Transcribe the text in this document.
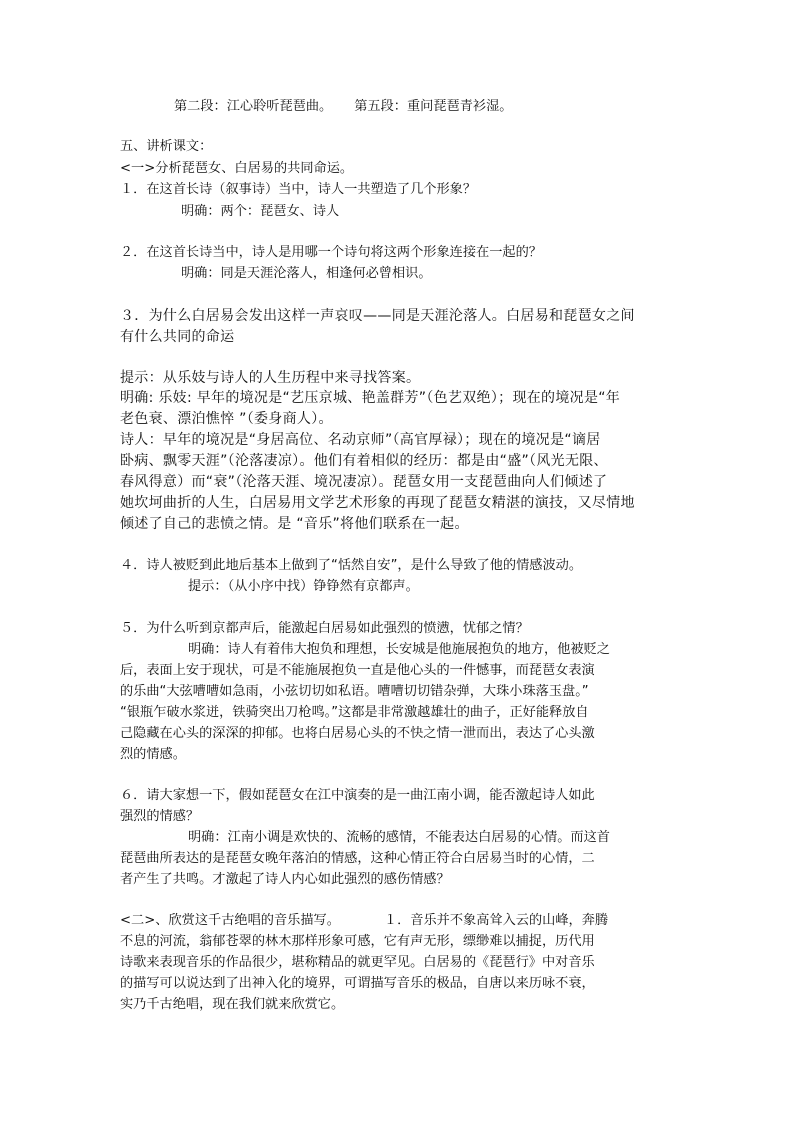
第二段：江心聆听琵琶曲。 第五段：重问琵琶青衫湿。
五、讲析课文：
<一>分析琵琶女、白居易的共同命运。
１．在这首长诗（叙事诗）当中，诗人一共塑造了几个形象？
明确：两个：琵琶女、诗人
２．在这首长诗当中，诗人是用哪一个诗句将这两个形象连接在一起的？
明确：同是天涯沦落人，相逢何必曾相识。
３．为什么白居易会发出这样一声哀叹——同是天涯沦落人。白居易和琵琶女之间
有什么共同的命运
提示：从乐妓与诗人的人生历程中来寻找答案。
明确: 乐妓: 早年的境况是“艺压京城、艳盖群芳”（色艺双绝）；现在的境况是“年
老色衰、漂泊憔悴 ”（委身商人）。
诗人：早年的境况是“身居高位、名动京师”（高官厚禄）；现在的境况是“谪居
卧病、飘零天涯”（沦落凄凉）。他们有着相似的经历：都是由“盛”（风光无限、
春风得意）而“衰”（沦落天涯、境况凄凉）。琵琶女用一支琵琶曲向人们倾述了
她坎坷曲折的人生，白居易用文学艺术形象的再现了琵琶女精湛的演技，又尽情地
倾述了自己的悲愤之情。是 “音乐”将他们联系在一起。
４．诗人被贬到此地后基本上做到了“恬然自安”，是什么导致了他的情感波动。
提示：（从小序中找）铮铮然有京都声。
５．为什么听到京都声后，能激起白居易如此强烈的愤懑，忧郁之情？
明确：诗人有着伟大抱负和理想，长安城是他施展抱负的地方，他被贬之
后，表面上安于现状，可是不能施展抱负一直是他心头的一件憾事，而琵琶女表演
的乐曲“大弦嘈嘈如急雨，小弦切切如私语。嘈嘈切切错杂弹，大珠小珠落玉盘。”
“银瓶乍破水浆迸，铁骑突出刀枪鸣。”这都是非常激越雄壮的曲子，正好能释放自
己隐藏在心头的深深的抑郁。也将白居易心头的不快之情一泄而出，表达了心头激
烈的情感。
６．请大家想一下，假如琵琶女在江中演奏的是一曲江南小调，能否激起诗人如此
强烈的情感？
明确：江南小调是欢快的、流畅的感情，不能表达白居易的心情。而这首
琵琶曲所表达的是琵琶女晚年落泊的情感，这种心情正符合白居易当时的心情，二
者产生了共鸣。才激起了诗人内心如此强烈的感伤情感？
<二>、欣赏这千古绝唱的音乐描写。	１．音乐并不象高耸入云的山峰，奔腾
不息的河流，翁郁苍翠的林木那样形象可感，它有声无形，缥缈难以捕捉，历代用
诗歌来表现音乐的作品很少，堪称精品的就更罕见。白居易的《琵琶行》中对音乐
的描写可以说达到了出神入化的境界，可谓描写音乐的极品，自唐以来历咏不衰，
实乃千古绝唱，现在我们就来欣赏它。
